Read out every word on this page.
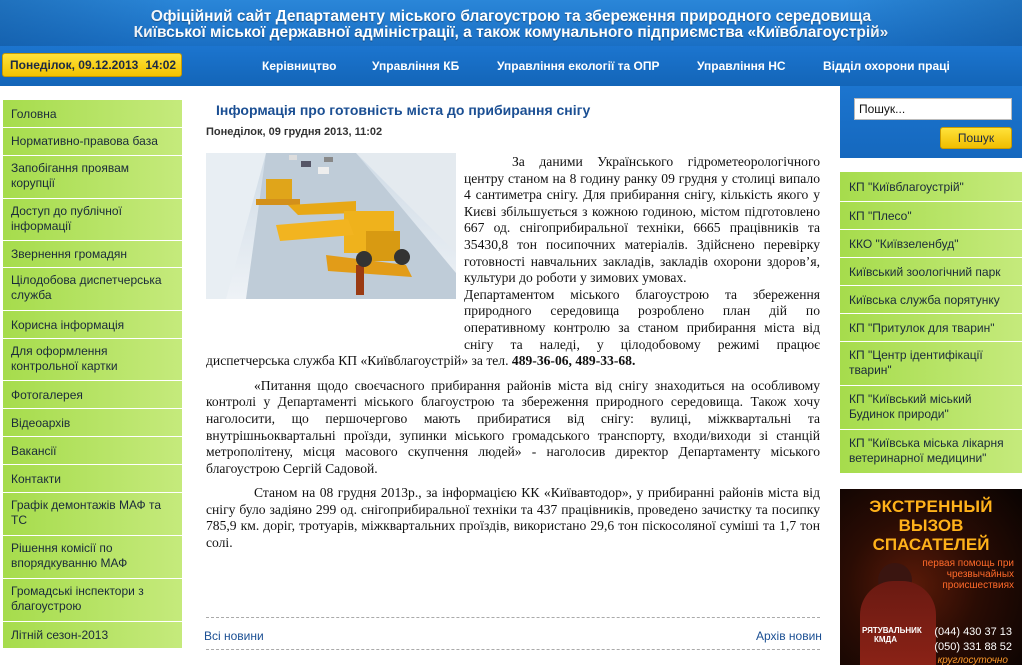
Офіційний сайт Департаменту міського благоустрою та збереження природного середовища
Київської міської державної адміністрації, а також комунального підприємства «Київблагоустрій»
Понеділок, 09.12.2013 14:02	Керівництво	Управління КБ	Управління екології та ОПР	Управління НС	Відділ охорони праці
Головна
Нормативно-правова база
Запобігання проявам корупції
Доступ до публічної інформації
Звернення громадян
Цілодобова диспетчерська служба
Корисна інформація
Для оформлення контрольної картки
Фотогалерея
Відеоархів
Вакансії
Контакти
Графік демонтажів МАФ та ТС
Рішення комісії по впорядкуванню МАФ
Громадські інспектори з благоустрою
Літній сезон-2013
Інформація про готовність міста до прибирання снігу
Понеділок, 09 грудня 2013, 11:02

За даними Українського гідрометеорологічного центру станом на 8 годину ранку 09 грудня у столиці випало 4 сантиметра снігу. Для прибирання снігу, кількість якого у Києві збільшується з кожною годиною, містом підготовлено 667 од. снігоприбиральної техніки, 6665 працівників та 35430,8 тон посипочних матеріалів. Здійснено перевірку готовності навчальних закладів, закладів охорони здоров’я, культури до роботи у зимових умовах.

Департаментом міського благоустрою та збереження природного середовища розроблено план дій по оперативному контролю за станом прибирання міста від снігу та наледі, у цілодобовому режимі працює диспетчерська служба КП «Київблагоустрій» за тел. 489-36-06, 489-33-68.

«Питання щодо своєчасного прибирання районів міста від снігу знаходиться на особливому контролі у Департаменті міського благоустрою та збереження природного середовища. Також хочу наголосити, що першочергово мають прибиратися від снігу: вулиці, міжквартальні та внутрішньоквартальні проїзди, зупинки міського громадського транспорту, входи/виходи зі станцій метрополітену, місця масового скупчення людей» - наголосив директор Департаменту міського благоустрою Сергій Садовой.

Станом на 08 грудня 2013р., за інформацією КК «Київавтодор», у прибиранні районів міста від снігу було задіяно 299 од. снігоприбиральної техніки та 437 працівників, проведено зачистку та посипку 785,9 км. доріг, тротуарів, міжквартальних проїздів, використано 29,6 тон піскосоляної суміші та 1,7 тон солі.

Всі новини	Архів новин
Пошук...
Пошук
КП "Київблагоустрій"
КП "Плесо"
ККО "Київзеленбуд"
Київський зоологічний парк
Київська служба порятунку
КП "Притулок для тварин"
КП "Центр ідентифікації тварин"
КП "Київський міський Будинок природи"
КП "Київська міська лікарня ветеринарної медицини"
ЭКСТРЕННЫЙ
ВЫЗОВ
СПАСАТЕЛЕЙ
первая помощь при чрезвычайных происшествиях
РЯТУВАЛЬНИК
КМДА
(044) 430 37 13
(050) 331 88 52
круглосуточно
